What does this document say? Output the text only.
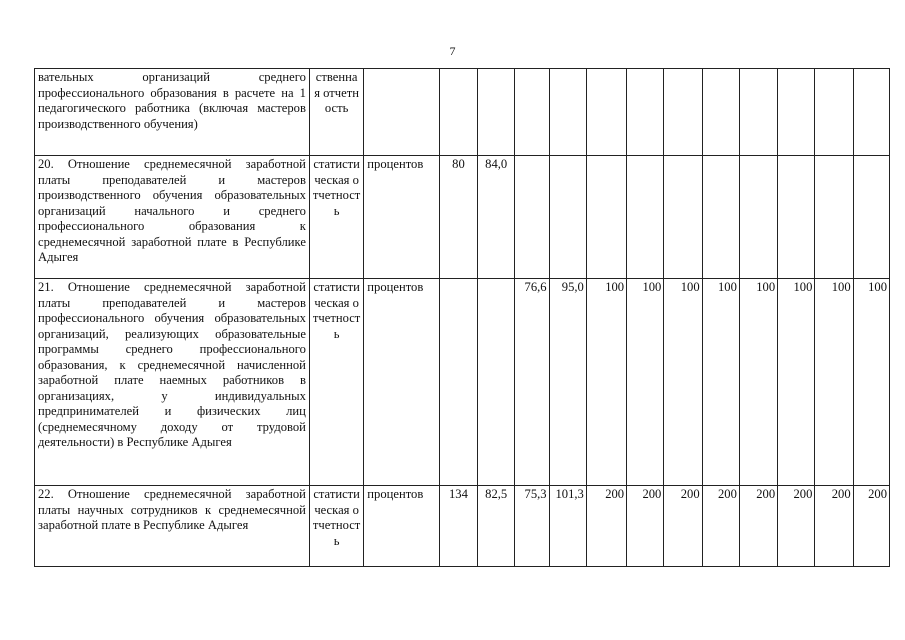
7
вательных организаций среднего профессионального образования в расчете на 1 педагогического работника (включая мастеров производственного обучения)	ственная отчетность													
20. Отношение среднемесячной заработной платы преподавателей и мастеров производственного обучения образовательных организаций начального и среднего профессионального образования к среднемесячной заработной плате в Республике Адыгея	статистическая отчетность	процентов	80	84,0										
21. Отношение среднемесячной заработной платы преподавателей и мастеров профессионального обучения образовательных организаций, реализующих образовательные программы среднего профессионального образования, к среднемесячной начисленной заработной плате наемных работников в организациях, у индивидуальных предпринимателей и физических лиц (среднемесячному доходу от трудовой деятельности) в Республике Адыгея	статистическая отчетность	процентов			76,6	95,0	100	100	100	100	100	100	100	100
22. Отношение среднемесячной заработной платы научных сотрудников к среднемесячной заработной плате в Республике Адыгея	статистическая отчетность	процентов	134	82,5	75,3	101,3	200	200	200	200	200	200	200	200
